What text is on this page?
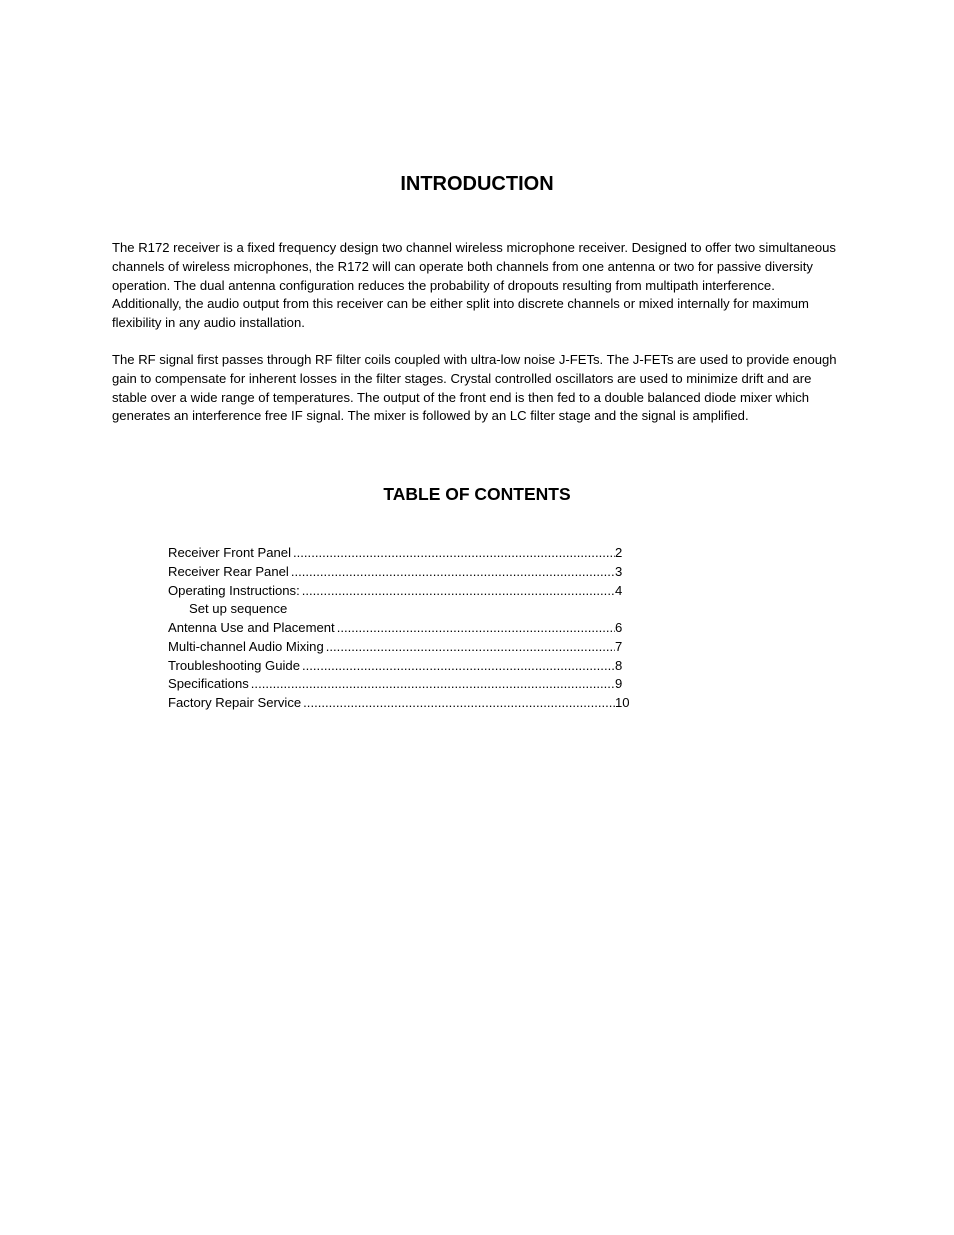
INTRODUCTION

The R172 receiver is a fixed frequency design two channel wireless microphone receiver. Designed to offer two simultaneous channels of wireless microphones, the R172 will can operate both channels from one antenna or two for passive diversity operation. The dual antenna configuration reduces the probability of dropouts resulting from multipath interference. Additionally, the audio output from this receiver can be either split into discrete channels or mixed internally for maximum flexibility in any audio installation.

The RF signal first passes through RF filter coils coupled with ultra-low noise J-FETs. The J-FETs are used to provide enough gain to compensate for inherent losses in the filter stages. Crystal controlled oscillators are used to minimize drift and are stable over a wide range of temperatures. The output of the front end is then fed to a double balanced diode mixer which generates an interference free IF signal. The mixer is followed by an LC filter stage and the signal is amplified.

TABLE OF CONTENTS
Receiver Front Panel .....	2
Receiver Rear Panel .....	3
Operating Instructions: .....	4
Set up sequence
Antenna Use and Placement .....	6
Multi-channel Audio Mixing .....	7
Troubleshooting Guide .....	8
Specifications .....	9
Factory Repair Service .....	10
